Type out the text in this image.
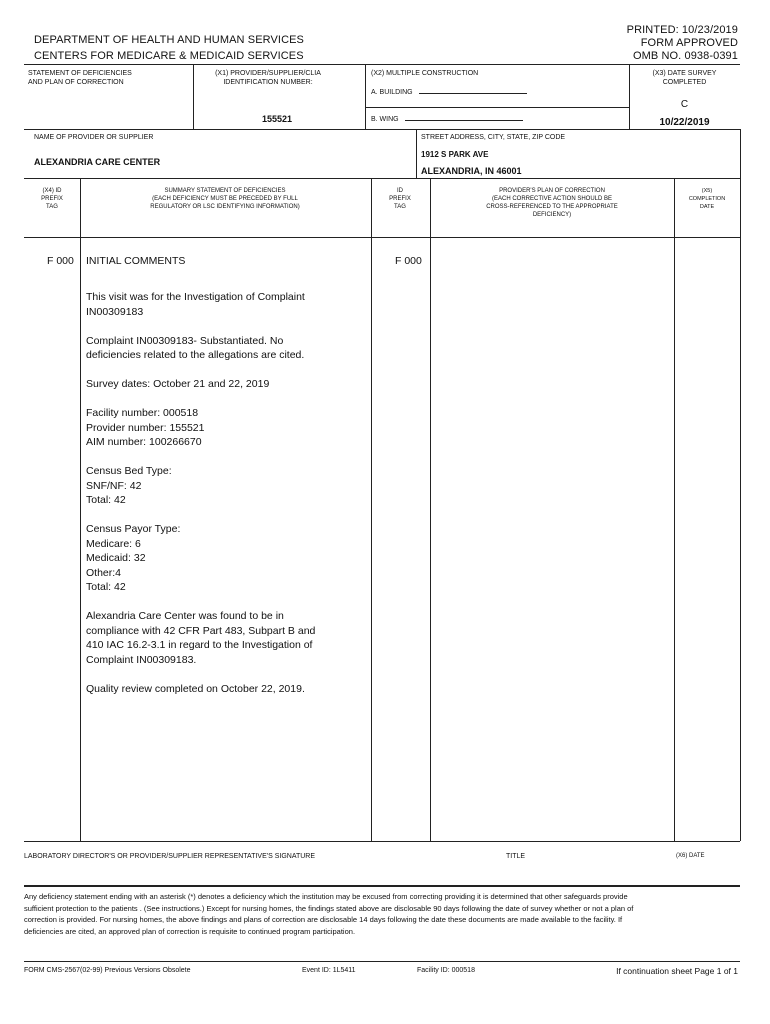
DEPARTMENT OF HEALTH AND HUMAN SERVICES
CENTERS FOR MEDICARE & MEDICAID SERVICES
PRINTED: 10/23/2019
FORM APPROVED
OMB NO. 0938-0391
STATEMENT OF DEFICIENCIES
AND PLAN OF CORRECTION
(X1) PROVIDER/SUPPLIER/CLIA
IDENTIFICATION NUMBER:
155521
(X2) MULTIPLE CONSTRUCTION
A. BUILDING
B. WING
(X3) DATE SURVEY
COMPLETED
C
10/22/2019
NAME OF PROVIDER OR SUPPLIER
ALEXANDRIA CARE CENTER
STREET ADDRESS, CITY, STATE, ZIP CODE
1912 S PARK AVE
ALEXANDRIA, IN 46001
(X4) ID
PREFIX
TAG
SUMMARY STATEMENT OF DEFICIENCIES
(EACH DEFICIENCY MUST BE PRECEDED BY FULL
REGULATORY OR LSC IDENTIFYING INFORMATION)
ID
PREFIX
TAG
PROVIDER'S PLAN OF CORRECTION
(EACH CORRECTIVE ACTION SHOULD BE
CROSS-REFERENCED TO THE APPROPRIATE
DEFICIENCY)
(X5)
COMPLETION
DATE
F 000 INITIAL COMMENTS	F 000

This visit was for the Investigation of Complaint
IN00309183

Complaint IN00309183- Substantiated. No
deficiencies related to the allegations are cited.

Survey dates: October 21 and 22, 2019

Facility number: 000518
Provider number: 155521
AIM number: 100266670

Census Bed Type:
SNF/NF: 42
Total: 42

Census Payor Type:
Medicare: 6
Medicaid: 32
Other:4
Total: 42

Alexandria Care Center was found to be in
compliance with 42 CFR Part 483, Subpart B and
410 IAC 16.2-3.1 in regard to the Investigation of
Complaint IN00309183.

Quality review completed on October 22, 2019.

LABORATORY DIRECTOR'S OR PROVIDER/SUPPLIER REPRESENTATIVE'S SIGNATURE	TITLE	(X6) DATE
Any deficiency statement ending with an asterisk (*) denotes a deficiency which the institution may be excused from correcting providing it is determined that other safeguards provide sufficient protection to the patients . (See instructions.) Except for nursing homes, the findings stated above are disclosable 90 days following the date of survey whether or not a plan of correction is provided. For nursing homes, the above findings and plans of correction are disclosable 14 days following the date these documents are made available to the facility. If deficiencies are cited, an approved plan of correction is requisite to continued program participation.
FORM CMS-2567(02-99) Previous Versions Obsolete	Event ID: 1L5411	Facility ID: 000518	If continuation sheet Page 1 of 1
